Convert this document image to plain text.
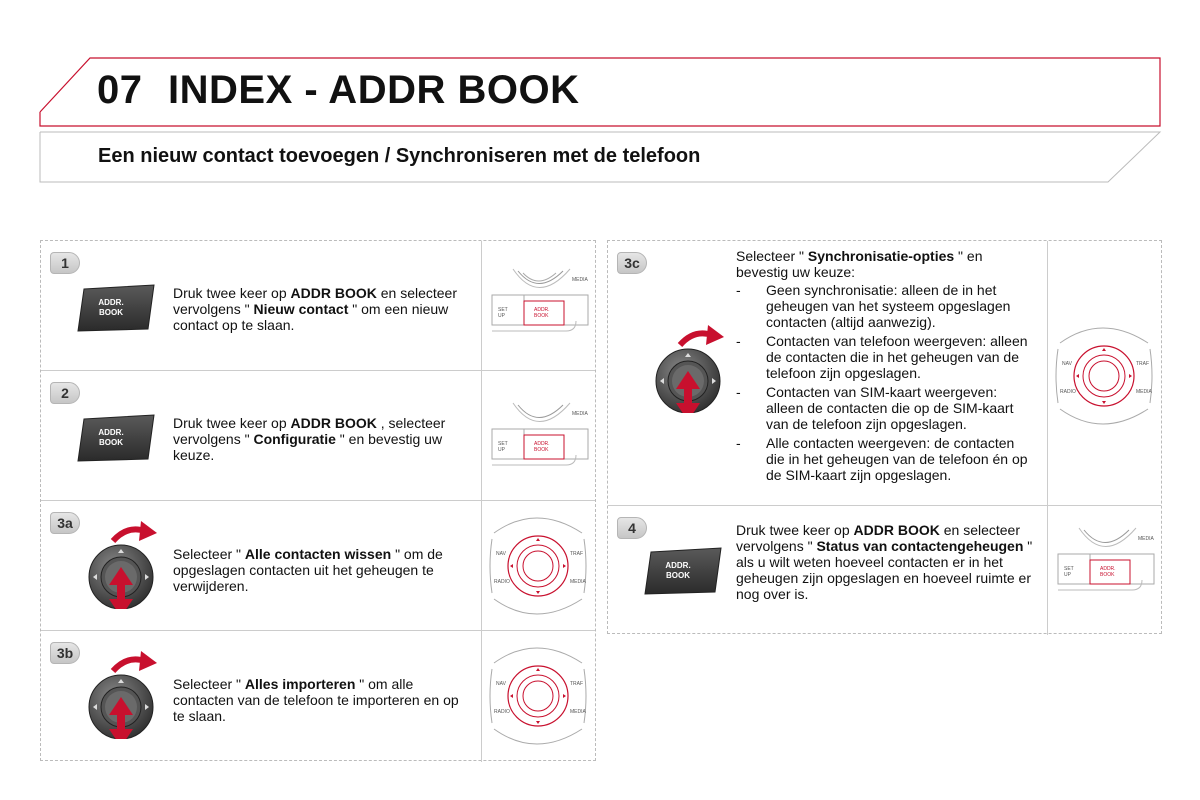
07 INDEX - ADDR BOOK
Een nieuw contact toevoegen / Synchroniseren met de telefoon
1
ADDR.
BOOK
Druk twee keer op ADDR BOOK en selecteer vervolgens " Nieuw contact " om een nieuw contact op te slaan.
MEDIA
SET
UP
ADDR.
BOOK
2
ADDR.
BOOK
Druk twee keer op ADDR BOOK , selecteer vervolgens " Configuratie " en bevestig uw keuze.
MEDIA
SET
UP
ADDR.
BOOK
3a
Selecteer " Alle contacten wissen " om de opgeslagen contacten uit het geheugen te verwijderen.
NAV	TRAF
RADIO	MEDIA
3b
Selecteer " Alles importeren " om alle contacten van de telefoon te importeren en op te slaan.
NAV	TRAF
RADIO	MEDIA
3c	Selecteer " Synchronisatie-opties " en bevestig uw keuze:
- Geen synchronisatie: alleen de in het geheugen van het systeem opgeslagen contacten (altijd aanwezig).
- Contacten van telefoon weergeven: alleen de contacten die in het geheugen van de telefoon zijn opgeslagen.
- Contacten van SIM-kaart weergeven: alleen de contacten die op de SIM-kaart van de telefoon zijn opgeslagen.
- Alle contacten weergeven: de contacten die in het geheugen van de telefoon én op de SIM-kaart zijn opgeslagen.
NAV	TRAF
RADIO	MEDIA
4
ADDR.
BOOK
Druk twee keer op ADDR BOOK en selecteer vervolgens " Status van contactengeheugen " als u wilt weten hoeveel contacten er in het geheugen zijn opgeslagen en hoeveel ruimte er nog over is.
MEDIA
SET
UP
ADDR.
BOOK
